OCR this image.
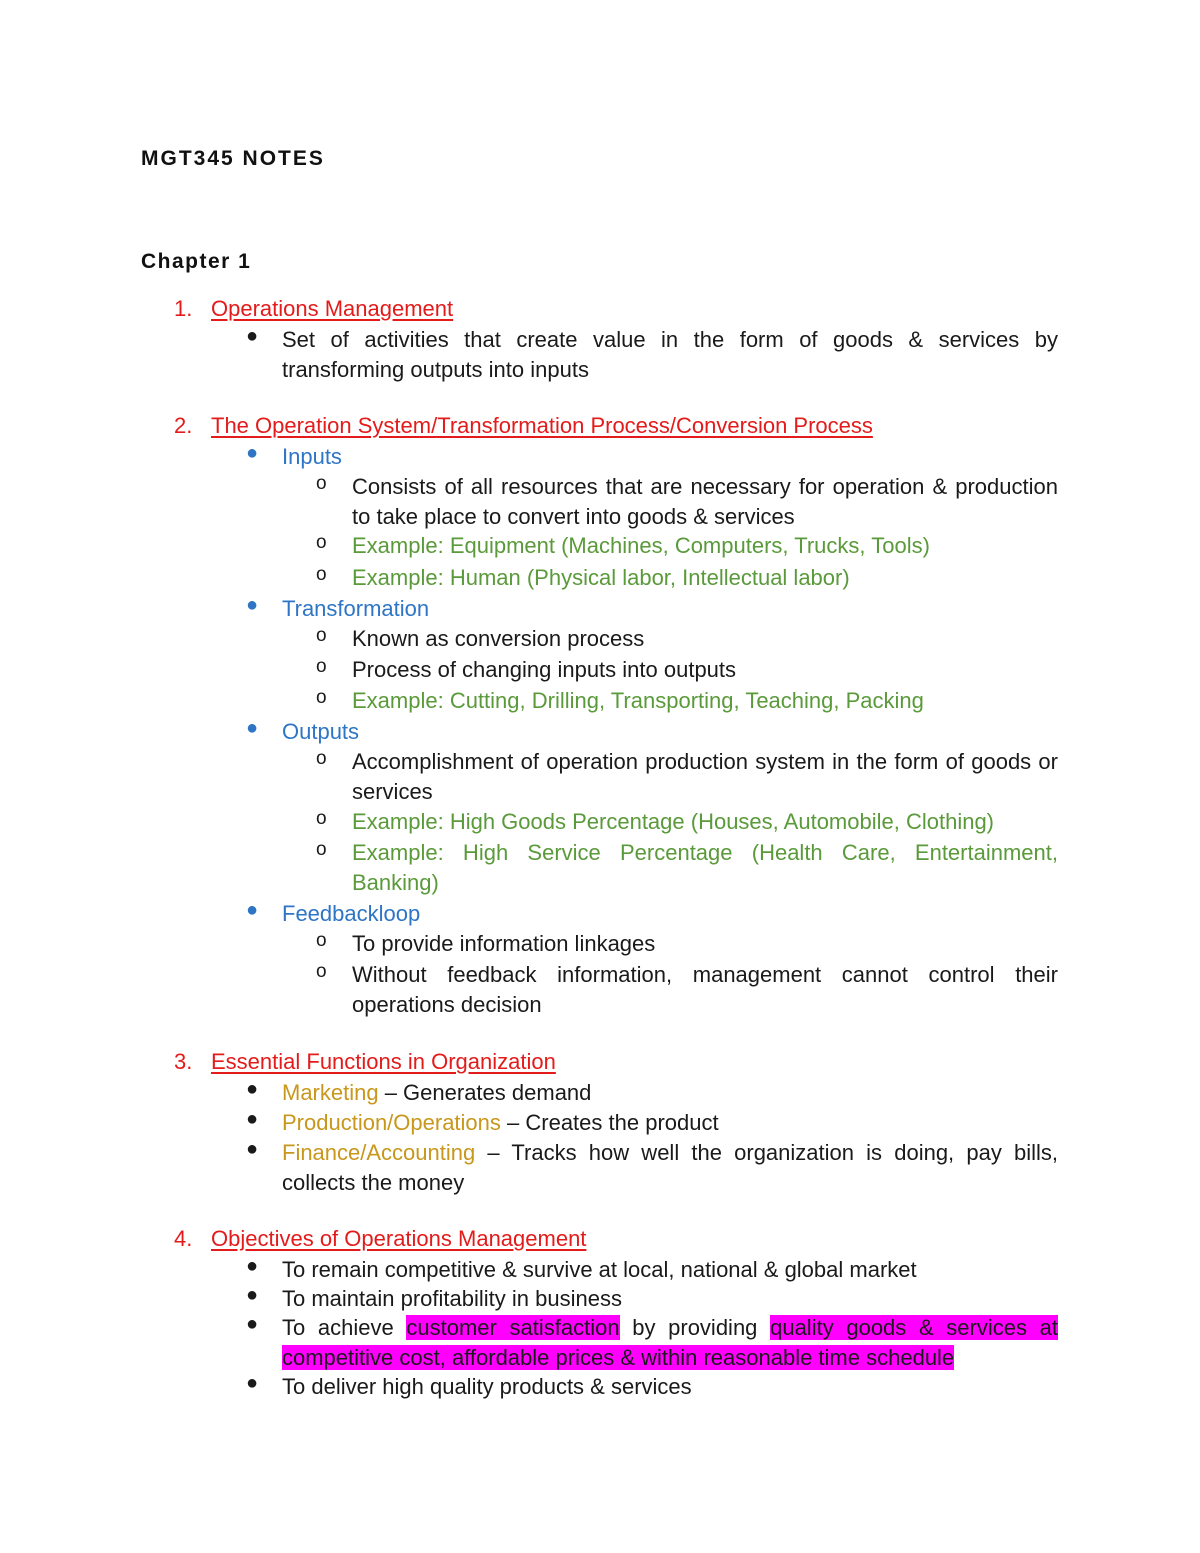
MGT345 NOTES
Chapter 1
1. Operations Management
●	Set of activities that create value in the form of goods & services by transforming outputs into inputs
2. The Operation System/Transformation Process/Conversion Process
●	Inputs
o	Consists of all resources that are necessary for operation & production to take place to convert into goods & services
o	Example: Equipment (Machines, Computers, Trucks, Tools)
o	Example: Human (Physical labor, Intellectual labor)
●	Transformation
o	Known as conversion process
o	Process of changing inputs into outputs
o	Example: Cutting, Drilling, Transporting, Teaching, Packing
●	Outputs
o	Accomplishment of operation production system in the form of goods or services
o	Example: High Goods Percentage (Houses, Automobile, Clothing)
o	Example: High Service Percentage (Health Care, Entertainment, Banking)
●	Feedbackloop
o	To provide information linkages
o	Without feedback information, management cannot control their operations decision
3. Essential Functions in Organization
●	Marketing – Generates demand
●	Production/Operations – Creates the product
●	Finance/Accounting – Tracks how well the organization is doing, pay bills, collects the money
4. Objectives of Operations Management
●	To remain competitive & survive at local, national & global market
●	To maintain profitability in business
●	To achieve customer satisfaction by providing quality goods & services at competitive cost, affordable prices & within reasonable time schedule
●	To deliver high quality products & services
